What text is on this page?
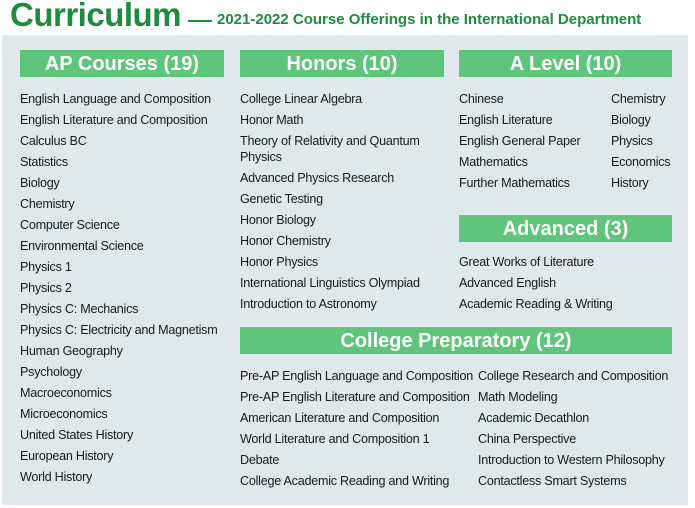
Curriculum 2021-2022 Course Offerings in the International Department
AP Courses (19)
English Language and Composition
English Literature and Composition
Calculus BC
Statistics
Biology
Chemistry
Computer Science
Environmental Science
Physics 1
Physics 2
Physics C: Mechanics
Physics C: Electricity and Magnetism
Human Geography
Psychology
Macroeconomics
Microeconomics
United States History
European History
World History
Honors (10)
College Linear Algebra
Honor Math
Theory of Relativity and Quantum Physics
Advanced Physics Research
Genetic Testing
Honor Biology
Honor Chemistry
Honor Physics
International Linguistics Olympiad
Introduction to Astronomy
A Level (10)
Chinese
English Literature
English General Paper
Mathematics
Further Mathematics
Chemistry
Biology
Physics
Economics
History
Advanced (3)
Great Works of Literature
Advanced English
Academic Reading & Writing
College Preparatory (12)
Pre-AP English Language and Composition
Pre-AP English Literature and Composition
American Literature and Composition
World Literature and Composition 1
Debate
College Academic Reading and Writing
College Research and Composition
Math Modeling
Academic Decathlon
China Perspective
Introduction to Western Philosophy
Contactless Smart Systems
